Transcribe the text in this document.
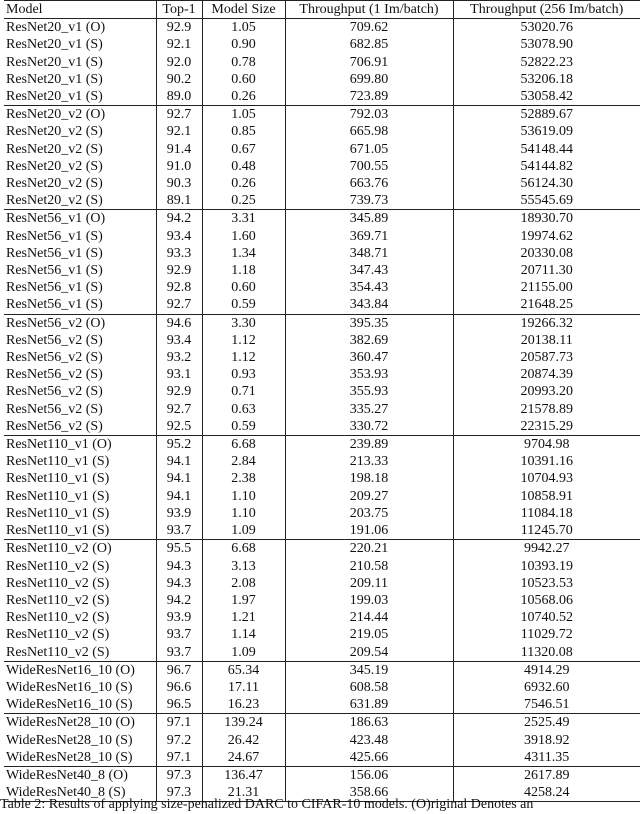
Model	Top-1	Model Size	Throughput (1 Im/batch)	Throughput (256 Im/batch)
ResNet20_v1 (O)	92.9	1.05	709.62	53020.76
ResNet20_v1 (S)	92.1	0.90	682.85	53078.90
ResNet20_v1 (S)	92.0	0.78	706.91	52822.23
ResNet20_v1 (S)	90.2	0.60	699.80	53206.18
ResNet20_v1 (S)	89.0	0.26	723.89	53058.42
ResNet20_v2 (O)	92.7	1.05	792.03	52889.67
ResNet20_v2 (S)	92.1	0.85	665.98	53619.09
ResNet20_v2 (S)	91.4	0.67	671.05	54148.44
ResNet20_v2 (S)	91.0	0.48	700.55	54144.82
ResNet20_v2 (S)	90.3	0.26	663.76	56124.30
ResNet20_v2 (S)	89.1	0.25	739.73	55545.69
ResNet56_v1 (O)	94.2	3.31	345.89	18930.70
ResNet56_v1 (S)	93.4	1.60	369.71	19974.62
ResNet56_v1 (S)	93.3	1.34	348.71	20330.08
ResNet56_v1 (S)	92.9	1.18	347.43	20711.30
ResNet56_v1 (S)	92.8	0.60	354.43	21155.00
ResNet56_v1 (S)	92.7	0.59	343.84	21648.25
ResNet56_v2 (O)	94.6	3.30	395.35	19266.32
ResNet56_v2 (S)	93.4	1.12	382.69	20138.11
ResNet56_v2 (S)	93.2	1.12	360.47	20587.73
ResNet56_v2 (S)	93.1	0.93	353.93	20874.39
ResNet56_v2 (S)	92.9	0.71	355.93	20993.20
ResNet56_v2 (S)	92.7	0.63	335.27	21578.89
ResNet56_v2 (S)	92.5	0.59	330.72	22315.29
ResNet110_v1 (O)	95.2	6.68	239.89	9704.98
ResNet110_v1 (S)	94.1	2.84	213.33	10391.16
ResNet110_v1 (S)	94.1	2.38	198.18	10704.93
ResNet110_v1 (S)	94.1	1.10	209.27	10858.91
ResNet110_v1 (S)	93.9	1.10	203.75	11084.18
ResNet110_v1 (S)	93.7	1.09	191.06	11245.70
ResNet110_v2 (O)	95.5	6.68	220.21	9942.27
ResNet110_v2 (S)	94.3	3.13	210.58	10393.19
ResNet110_v2 (S)	94.3	2.08	209.11	10523.53
ResNet110_v2 (S)	94.2	1.97	199.03	10568.06
ResNet110_v2 (S)	93.9	1.21	214.44	10740.52
ResNet110_v2 (S)	93.7	1.14	219.05	11029.72
ResNet110_v2 (S)	93.7	1.09	209.54	11320.08
WideResNet16_10 (O)	96.7	65.34	345.19	4914.29
WideResNet16_10 (S)	96.6	17.11	608.58	6932.60
WideResNet16_10 (S)	96.5	16.23	631.89	7546.51
WideResNet28_10 (O)	97.1	139.24	186.63	2525.49
WideResNet28_10 (S)	97.2	26.42	423.48	3918.92
WideResNet28_10 (S)	97.1	24.67	425.66	4311.35
WideResNet40_8 (O)	97.3	136.47	156.06	2617.89
WideResNet40_8 (S)	97.3	21.31	358.66	4258.24
Table 2: Results of applying size-penalized DARC to CIFAR-10 models. (O)riginal Denotes an
